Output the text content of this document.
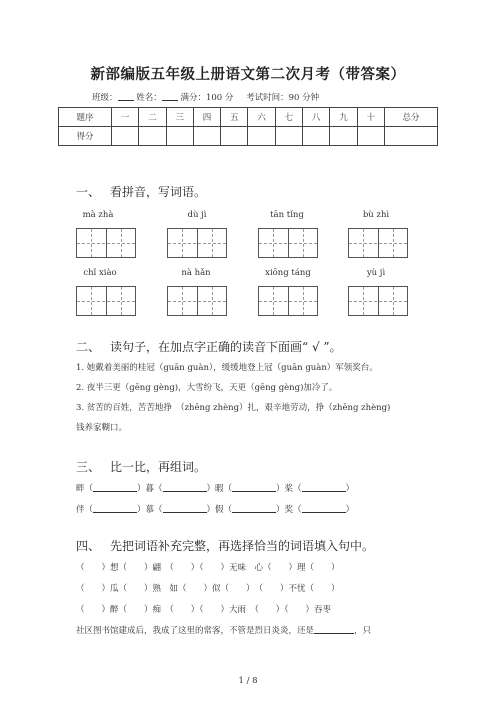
新部编版五年级上册语文第二次月考（带答案）
班级： 姓名： 满分：100 分 考试时间：90 分钟
题序	一	二	三	四	五	六	七	八	九	十	总分
得分											
一、 看拼音，写词语。
mà zhà	dù jì	tān tǐng	bù zhì
chǐ xiào	nà hǎn	xiōng táng	yù jì
二、 读句子，在加点字正确的读音下面画“ √ ”。
1. 她戴着美丽的桂冠（guān guàn），缓缓地登上冠（guān guàn）军领奖台。
2. 夜半三更（gēng gèng)，大雪纷飞，天更（gēng gèng)加冷了。
3. 贫苦的百姓，苦苦地挣　（zhēng zhèng）扎，艰辛地劳动，挣（zhēng zhèng)
钱养家糊口。
三、 比一比，再组词。
畔（	）暮（	）暇（	）桨（	）
伴（	）慕（	）假（	）奖（	）
四、 先把词语补充完整，再选择恰当的词语填入句中。
（　　）想（　　）翩　（　　）（　　）无味　心（　　）理（　　）
（　　）瓜（　　）熟　如（　　）似（　　）　（　　）不忧（　　）
（　　）醉（　　）痴　（　　）（　　）大雨　（　　）（　　）吞枣
社区图书馆建成后，我成了这里的常客，不管是烈日炎炎，还是	，只
1 / 8
